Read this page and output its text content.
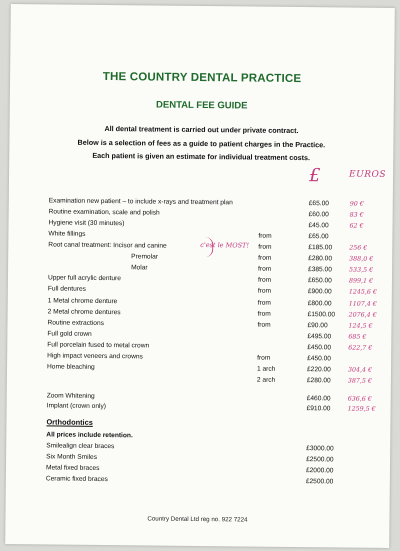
THE COUNTRY DENTAL PRACTICE
DENTAL FEE GUIDE
All dental treatment is carried out under private contract.
Below is a selection of fees as a guide to patient charges in the Practice.
Each patient is given an estimate for individual treatment costs.
£	EUROS
Examination new patient – to include x-rays and treatment plan	£65.00	90 €
Routine examination, scale and polish	£60.00	83 €
Hygiene visit (30 minutes)	£45.00	62 €
White fillings	from	£65.00
Root canal treatment: Incisor and canine	from	£185.00	256 €
Premolar	from	£280.00	388,0 €
Molar	from	£385.00	533,5 €
Upper full acrylic denture	from	£650.00	899,1 €
Full dentures	from	£900.00	1245,6 €
1 Metal chrome denture	from	£800.00	1107,4 €
2 Metal chrome dentures	from	£1500.00 2076,4 €
Routine extractions	from	£90.00	124,5 €
Full gold crown	£495.00	685 €
Full porcelain fused to metal crown	£450.00	622,7 €
High impact veneers and crowns	from	£450.00
Home bleaching	1 arch	£220.00	304,4 €
2 arch	£280.00	387,5 €
Zoom Whitening	£460.00	636,6 €
Implant (crown only)	£910.00	1259,5 €
c'est le MOST!
Orthodontics
All prices include retention.
Smilealign clear braces	£3000.00
Six Month Smiles	£2500.00
Metal fixed braces	£2000.00
Ceramic fixed braces	£2500.00
Country Dental Ltd reg no. 922 7224
